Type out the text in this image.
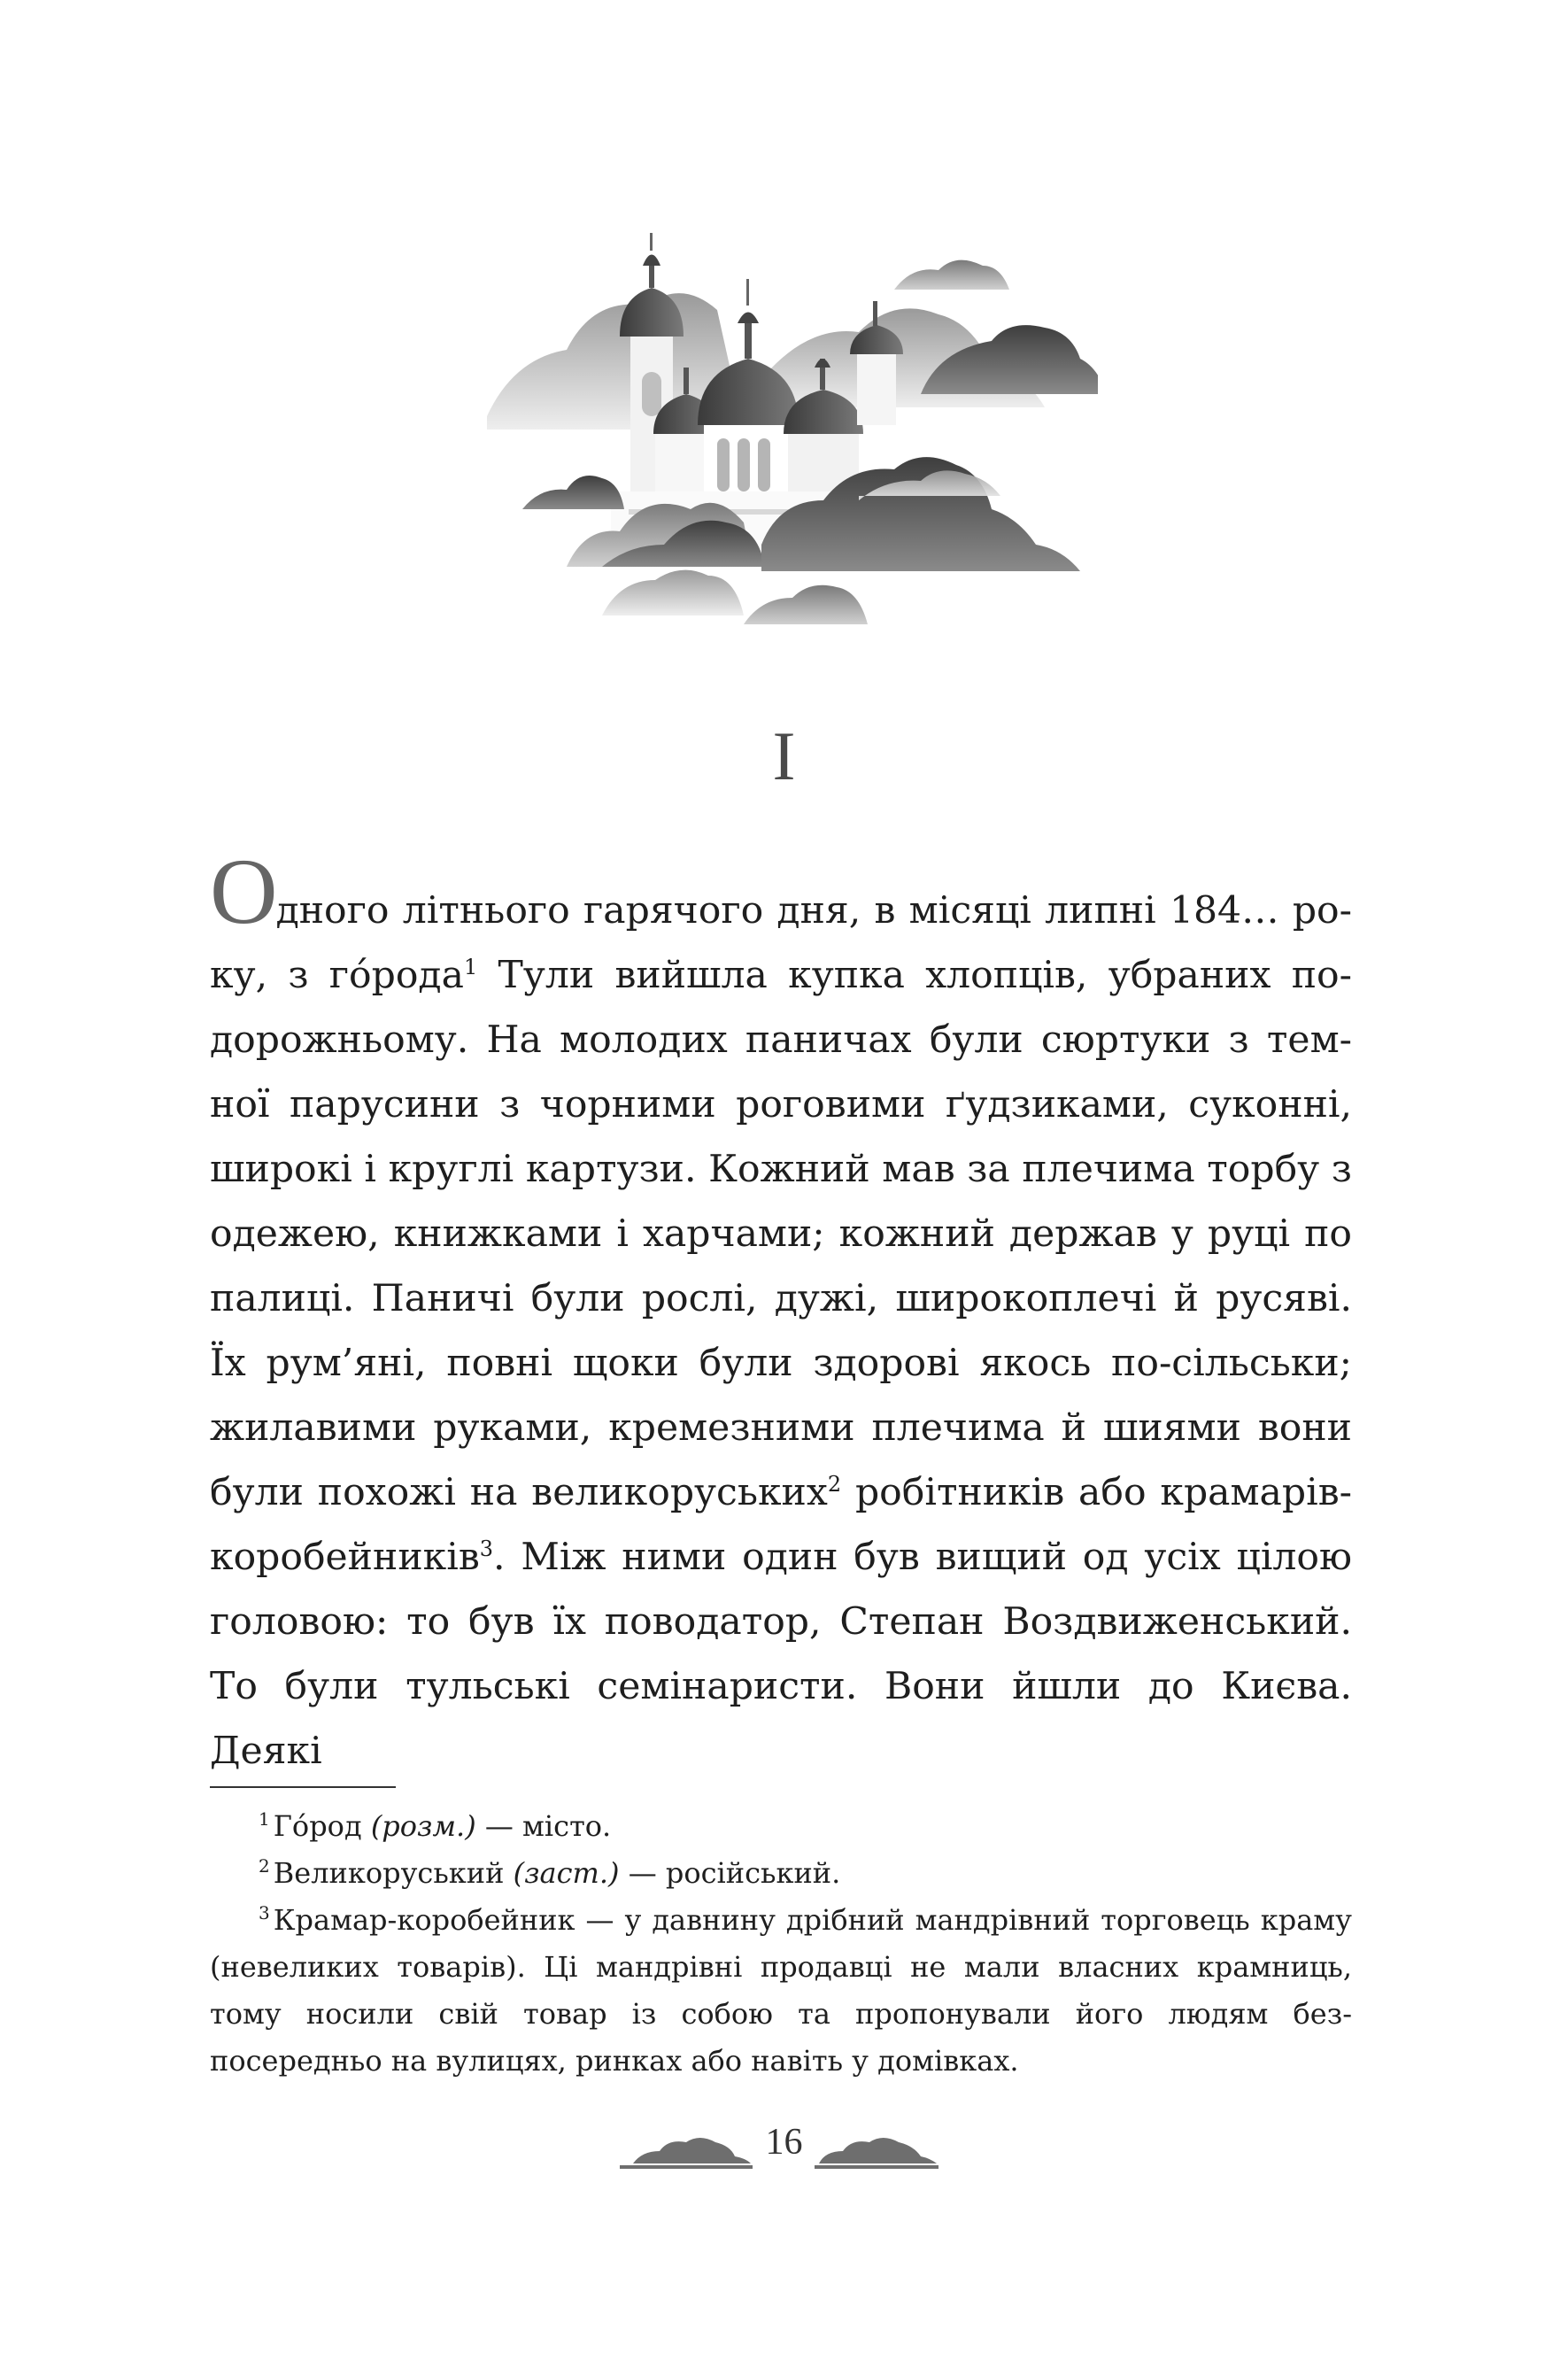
I

Одного літнього гарячого дня, в місяці липні 184… року, з гóрода$^1$ Тули вийшла купка хлопців, убраних подорожньому. На молодих паничах були сюртуки з темної парусини з чорними роговими ґудзиками, суконні, широкі і круглі картузи. Кожний мав за плечима торбу з одежею, книжками і харчами; кожний держав у руці по палиці. Паничі були рослі, дужі, широкоплечі й русяві. Їх рум’яні, повні щоки були здорові якось по-сільськи; жилавими руками, кремезними плечима й шиями вони були похожі на великоруських$^2$ робітників або крамарів-коробейників$^3$. Між ними один був вищий од усіх цілою головою: то був їх поводатор, Степан Воздвиженський. То були тульські семінаристи. Вони йшли до Києва. Деякі

$^1$ Гóрод (розм.) — місто.

$^2$ Великоруський (заст.) — російський.

$^3$ Крамар-коробейник — у давнину дрібний мандрівний торговець краму (невеликих товарів). Ці мандрівні продавці не мали власних крамниць, тому носили свій товар із собою та пропонували його людям безпосередньо на вулицях, ринках або навіть у домівках.

16
